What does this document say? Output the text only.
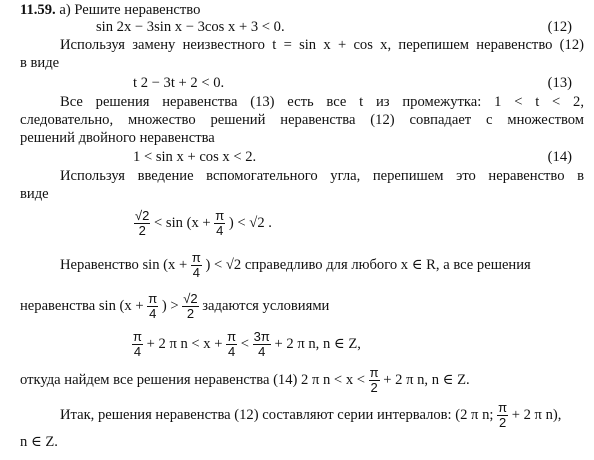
11.59. а) Решите неравенство
sin 2x − 3sin x − 3cos x + 3 < 0.	(12)
Используя замену неизвестного t = sin x + cos x, перепишем неравенство (12)
в виде
t 2 − 3t + 2 < 0.	(13)
Все решения неравенства (13) есть все t из промежутка: 1 < t < 2,
следовательно, множество решений неравенства (12) совпадает с множеством
решений двойного неравенства
1 < sin x + cos x < 2.	(14)
Используя введение вспомогательного угла, перепишем это неравенство в
виде
$\frac{√2}{2} < \sin (x + \frac{\pi}{4}$ ) < √2 .
Неравенство $\sin (x + \frac{\pi}{4}$ ) < √2 справедливо для любого x ∈ R, а все решения
неравенства $\sin (x + \frac{\pi}{4}$ ) > $\frac{√2}{2}$ задаются условиями
$\frac{\pi}{4} + 2$ π $n < x + \frac{\pi}{4} < \frac{3\pi}{4} + 2$ π n, n ∈ Z,
откуда найдем все решения неравенства (14) 2 π $n < x < \frac{\pi}{2} + 2$ π n, n ∈ Z.
Итак, решения неравенства (12) составляют серии интервалов: (2 π n; $\frac{\pi}{2} + 2$ π n),
n ∈ Z.
